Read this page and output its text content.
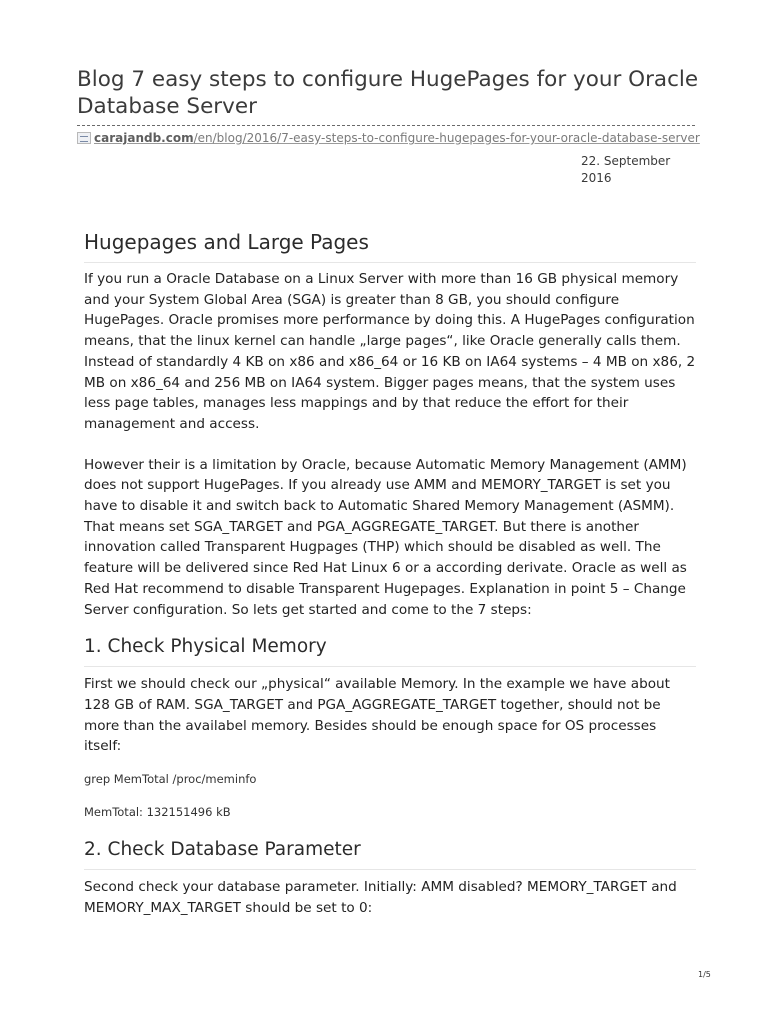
Blog 7 easy steps to configure HugePages for your Oracle Database Server
carajandb.com/en/blog/2016/7-easy-steps-to-configure-hugepages-for-your-oracle-database-server
22. September 2016
Hugepages and Large Pages

If you run a Oracle Database on a Linux Server with more than 16 GB physical memory and your System Global Area (SGA) is greater than 8 GB, you should configure HugePages. Oracle promises more performance by doing this. A HugePages configuration means, that the linux kernel can handle „large pages“, like Oracle generally calls them. Instead of standardly 4 KB on x86 and x86_64 or 16 KB on IA64 systems – 4 MB on x86, 2 MB on x86_64 and 256 MB on IA64 system. Bigger pages means, that the system uses less page tables, manages less mappings and by that reduce the effort for their management and access.

However their is a limitation by Oracle, because Automatic Memory Management (AMM) does not support HugePages. If you already use AMM and MEMORY_TARGET is set you have to disable it and switch back to Automatic Shared Memory Management (ASMM). That means set SGA_TARGET and PGA_AGGREGATE_TARGET. But there is another innovation called Transparent Hugpages (THP) which should be disabled as well. The feature will be delivered since Red Hat Linux 6 or a according derivate. Oracle as well as Red Hat recommend to disable Transparent Hugepages. Explanation in point 5 – Change Server configuration. So lets get started and come to the 7 steps:

1. Check Physical Memory

First we should check our „physical“ available Memory. In the example we have about 128 GB of RAM. SGA_TARGET and PGA_AGGREGATE_TARGET together, should not be more than the availabel memory. Besides should be enough space for OS processes itself:

grep MemTotal /proc/meminfo

MemTotal: 132151496 kB

2. Check Database Parameter

Second check your database parameter. Initially: AMM disabled? MEMORY_TARGET and MEMORY_MAX_TARGET should be set to 0:

1/5
